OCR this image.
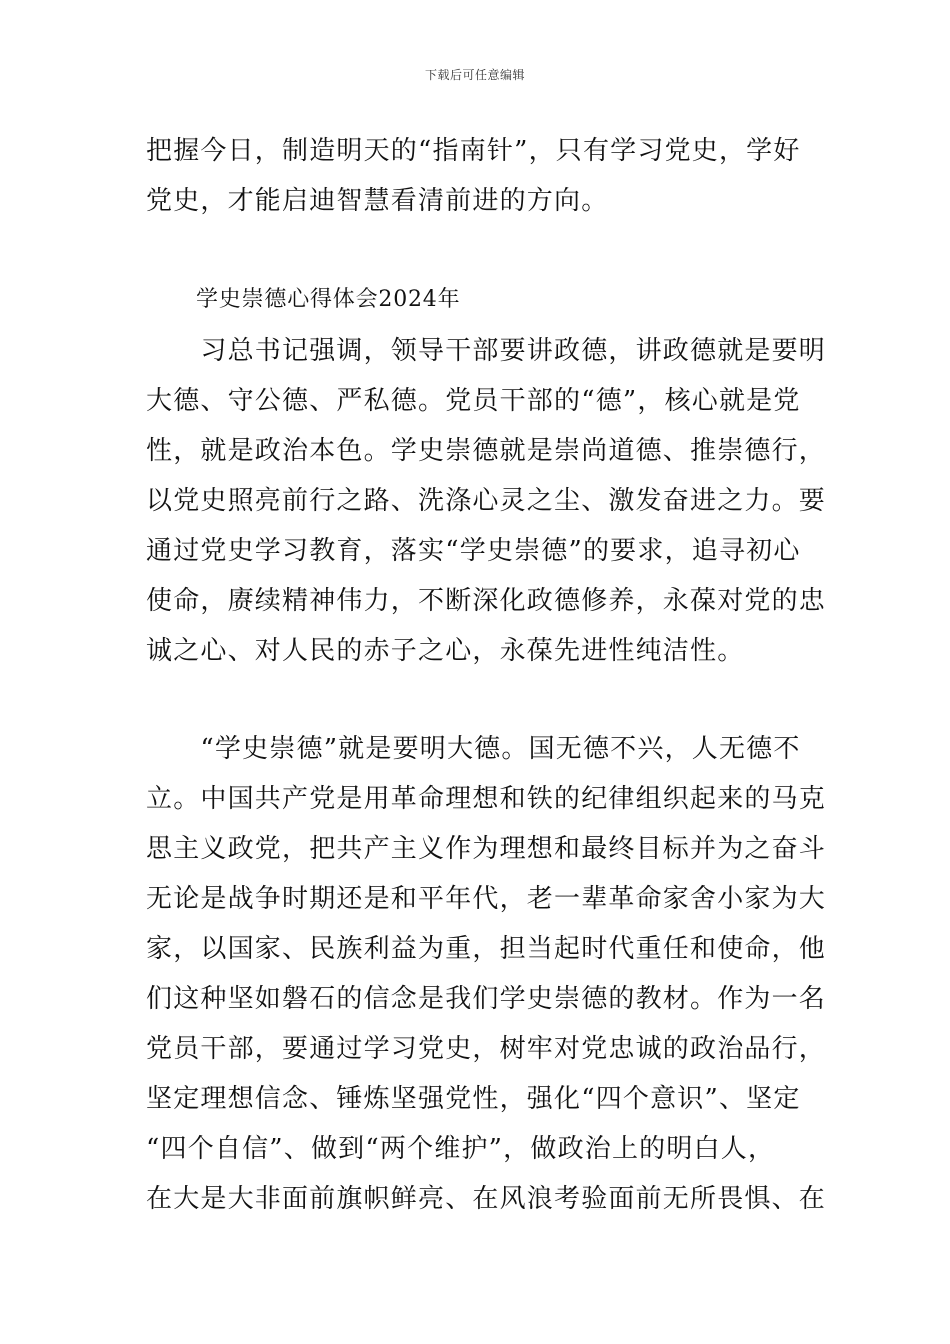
下载后可任意编辑
把握今日，制造明天的“指南针”，只有学习党史，学好
党史，才能启迪智慧看清前进的方向。
学史崇德心得体会2024年
　　习总书记强调，领导干部要讲政德，讲政德就是要明
大德、守公德、严私德。党员干部的“德”，核心就是党
性，就是政治本色。学史崇德就是崇尚道德、推崇德行，
以党史照亮前行之路、洗涤心灵之尘、激发奋进之力。要
通过党史学习教育，落实“学史崇德”的要求，追寻初心
使命，赓续精神伟力，不断深化政德修养，永葆对党的忠
诚之心、对人民的赤子之心，永葆先进性纯洁性。
　　“学史崇德”就是要明大德。国无德不兴，人无德不
立。中国共产党是用革命理想和铁的纪律组织起来的马克
思主义政党，把共产主义作为理想和最终目标并为之奋斗
无论是战争时期还是和平年代，老一辈革命家舍小家为大
家，以国家、民族利益为重，担当起时代重任和使命，他
们这种坚如磐石的信念是我们学史崇德的教材。作为一名
党员干部，要通过学习党史，树牢对党忠诚的政治品行，
坚定理想信念、锤炼坚强党性，强化“四个意识”、坚定
“四个自信”、做到“两个维护”，做政治上的明白人，
在大是大非面前旗帜鲜亮、在风浪考验面前无所畏惧、在
